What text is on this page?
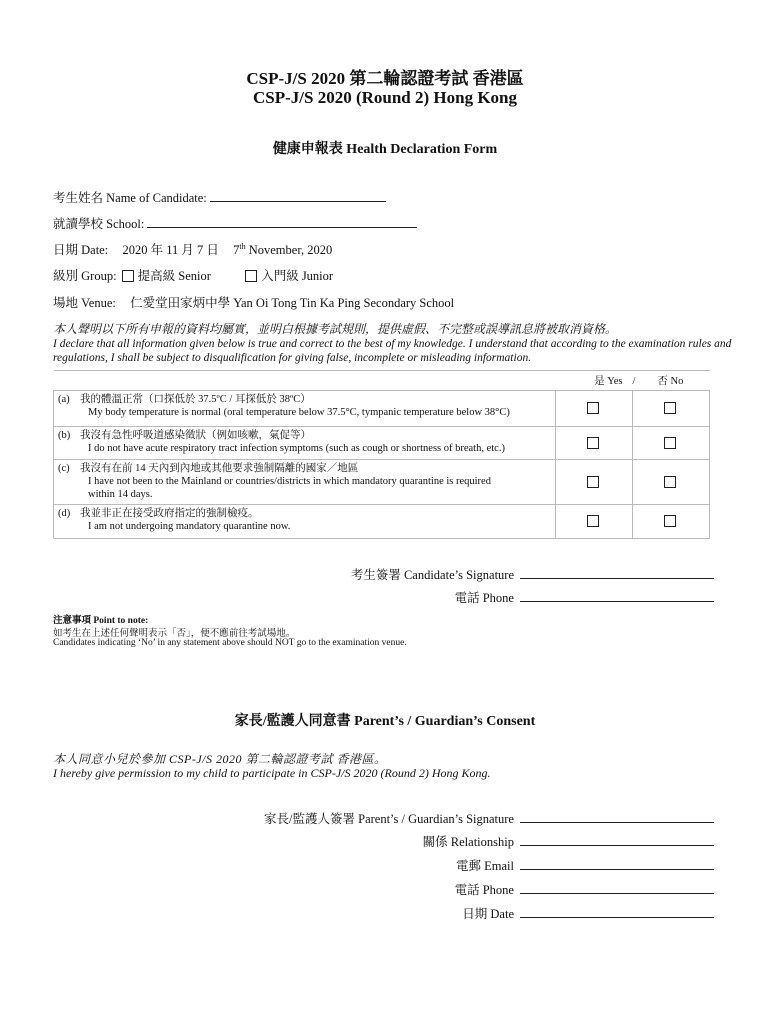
CSP-J/S 2020 第二輪認證考試 香港區
CSP-J/S 2020 (Round 2) Hong Kong
健康申報表 Health Declaration Form
考生姓名 Name of Candidate:
就讀學校 School:
日期 Date: 2020 年 11 月 7 日 7th November, 2020
級別 Group: 提高級 Senior	入門級 Junior
場地 Venue: 仁愛堂田家炳中學 Yan Oi Tong Tin Ka Ping Secondary School
本人聲明以下所有申報的資料均屬實，並明白根據考試規則，提供虛假、不完整或誤導訊息將被取消資格。
I declare that all information given below is true and correct to the best of my knowledge. I understand that according to the examination rules and regulations, I shall be subject to disqualification for giving false, incomplete or misleading information.
	是 Yes	/ 否 No

(a) 我的體溫正常（口探低於 37.5ºC / 耳探低於 38ºC）
My body temperature is normal (oral temperature below 37.5°C, tympanic temperature below 38°C)		

(b) 我沒有急性呼吸道感染徵狀（例如咳嗽，氣促等）
I do not have acute respiratory tract infection symptoms (such as cough or shortness of breath, etc.)		

(c) 我沒有在前 14 天內到內地或其他要求強制隔離的國家／地區
I have not been to the Mainland or countries/districts in which mandatory quarantine is required
within 14 days.		

(d) 我並非正在接受政府指定的強制檢疫。
I am not undergoing mandatory quarantine now.		

考生簽署 Candidate’s Signature
電話 Phone
注意事項 Point to note:
如考生在上述任何聲明表示「否」，便不應前往考試場地。
Candidates indicating ‘No’ in any statement above should NOT go to the examination venue.
家長/監護人同意書 Parent’s / Guardian’s Consent
本人同意小兒於參加 CSP-J/S 2020 第二輪認證考試 香港區。
I hereby give permission to my child to participate in CSP-J/S 2020 (Round 2) Hong Kong.
家長/監護人簽署 Parent’s / Guardian’s Signature
關係 Relationship
電郵 Email
電話 Phone
日期 Date
